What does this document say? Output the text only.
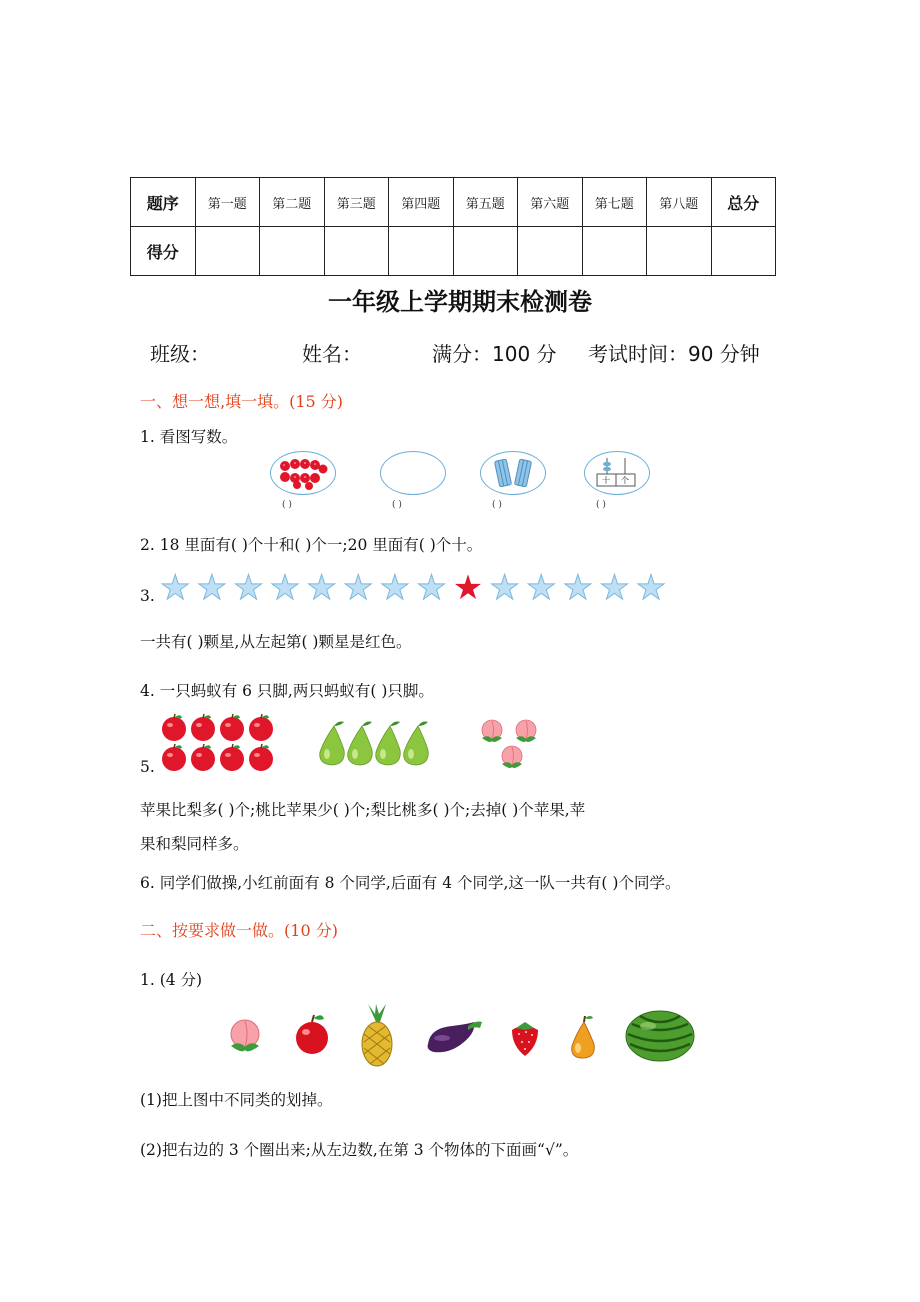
题序	第一题	第二题	第三题	第四题	第五题	第六题	第七题	第八题	总分
得分									
一年级上学期期末检测卷
班级：	姓名：	满分：100 分 考试时间：90 分钟
一、想一想,填一填。(15 分)
1. 看图写数。
十 个
( )	( )	( )	( )
2. 18 里面有( )个十和( )个一;20 里面有( )个十。
3. ★ ★ ★ ★ ★ ★ ★ ★ ★ ★ ★ ★ ★ ★
一共有( )颗星,从左起第( )颗星是红色。
4. 一只蚂蚁有 6 只脚,两只蚂蚁有( )只脚。
5.
苹果比梨多( )个;桃比苹果少( )个;梨比桃多( )个;去掉( )个苹果,苹
果和梨同样多。
6. 同学们做操,小红前面有 8 个同学,后面有 4 个同学,这一队一共有( )个同学。
二、按要求做一做。(10 分)
1. (4 分)
(1)把上图中不同类的划掉。
(2)把右边的 3 个圈出来;从左边数,在第 3 个物体的下面画“√”。
